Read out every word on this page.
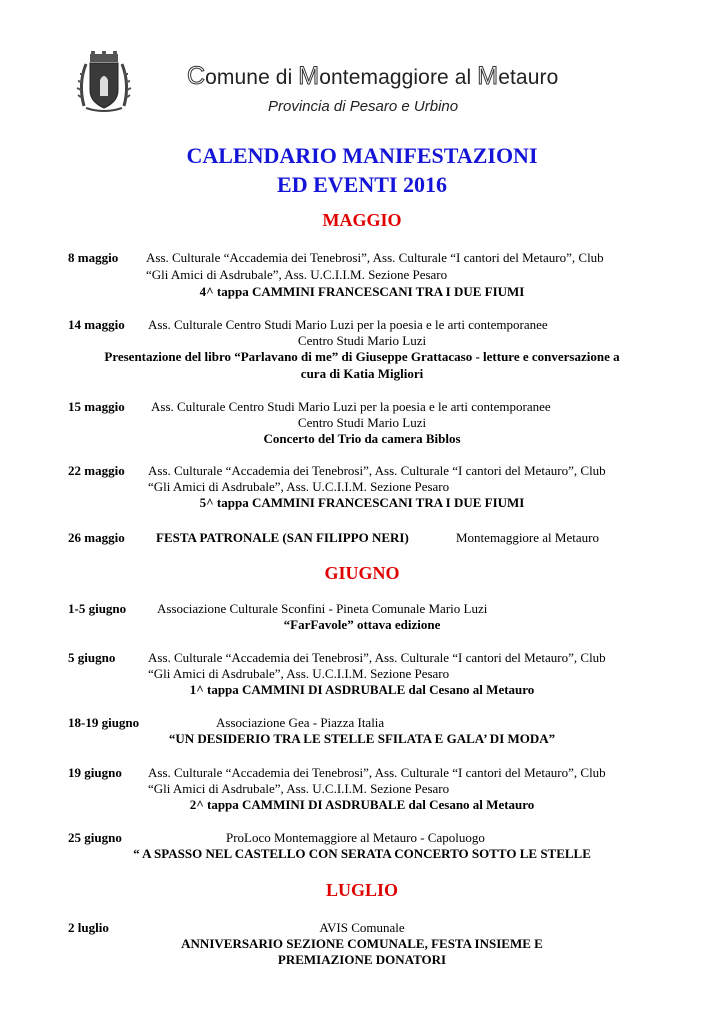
Comune di Montemaggiore al Metauro
Provincia di Pesaro e Urbino
CALENDARIO MANIFESTAZIONI
ED EVENTI 2016
MAGGIO
8 maggio Ass. Culturale “Accademia dei Tenebrosi”, Ass. Culturale “I cantori del Metauro”, Club
“Gli Amici di Asdrubale”, Ass. U.C.I.I.M. Sezione Pesaro
4^ tappa CAMMINI FRANCESCANI TRA I DUE FIUMI
14 maggio Ass. Culturale Centro Studi Mario Luzi per la poesia e le arti contemporanee
Centro Studi Mario Luzi
Presentazione del libro “Parlavano di me” di Giuseppe Grattacaso - letture e conversazione a
cura di Katia Migliori
15 maggio Ass. Culturale Centro Studi Mario Luzi per la poesia e le arti contemporanee
Centro Studi Mario Luzi
Concerto del Trio da camera Biblos
22 maggio Ass. Culturale “Accademia dei Tenebrosi”, Ass. Culturale “I cantori del Metauro”, Club
“Gli Amici di Asdrubale”, Ass. U.C.I.I.M. Sezione Pesaro
5^ tappa CAMMINI FRANCESCANI TRA I DUE FIUMI
26 maggio FESTA PATRONALE (SAN FILIPPO NERI)	Montemaggiore al Metauro
GIUGNO
1-5 giugno Associazione Culturale Sconfini - Pineta Comunale Mario Luzi
“FarFavole” ottava edizione
5 giugno	Ass. Culturale “Accademia dei Tenebrosi”, Ass. Culturale “I cantori del Metauro”, Club
“Gli Amici di Asdrubale”, Ass. U.C.I.I.M. Sezione Pesaro
1^ tappa CAMMINI DI ASDRUBALE dal Cesano al Metauro
18-19 giugno	Associazione Gea - Piazza Italia
“UN DESIDERIO TRA LE STELLE SFILATA E GALA’ DI MODA”
19 giugno Ass. Culturale “Accademia dei Tenebrosi”, Ass. Culturale “I cantori del Metauro”, Club
“Gli Amici di Asdrubale”, Ass. U.C.I.I.M. Sezione Pesaro
2^ tappa CAMMINI DI ASDRUBALE dal Cesano al Metauro
25 giugno	ProLoco Montemaggiore al Metauro - Capoluogo
“ A SPASSO NEL CASTELLO CON SERATA CONCERTO SOTTO LE STELLE
LUGLIO
2 luglio	AVIS Comunale
ANNIVERSARIO SEZIONE COMUNALE, FESTA INSIEME E
PREMIAZIONE DONATORI
